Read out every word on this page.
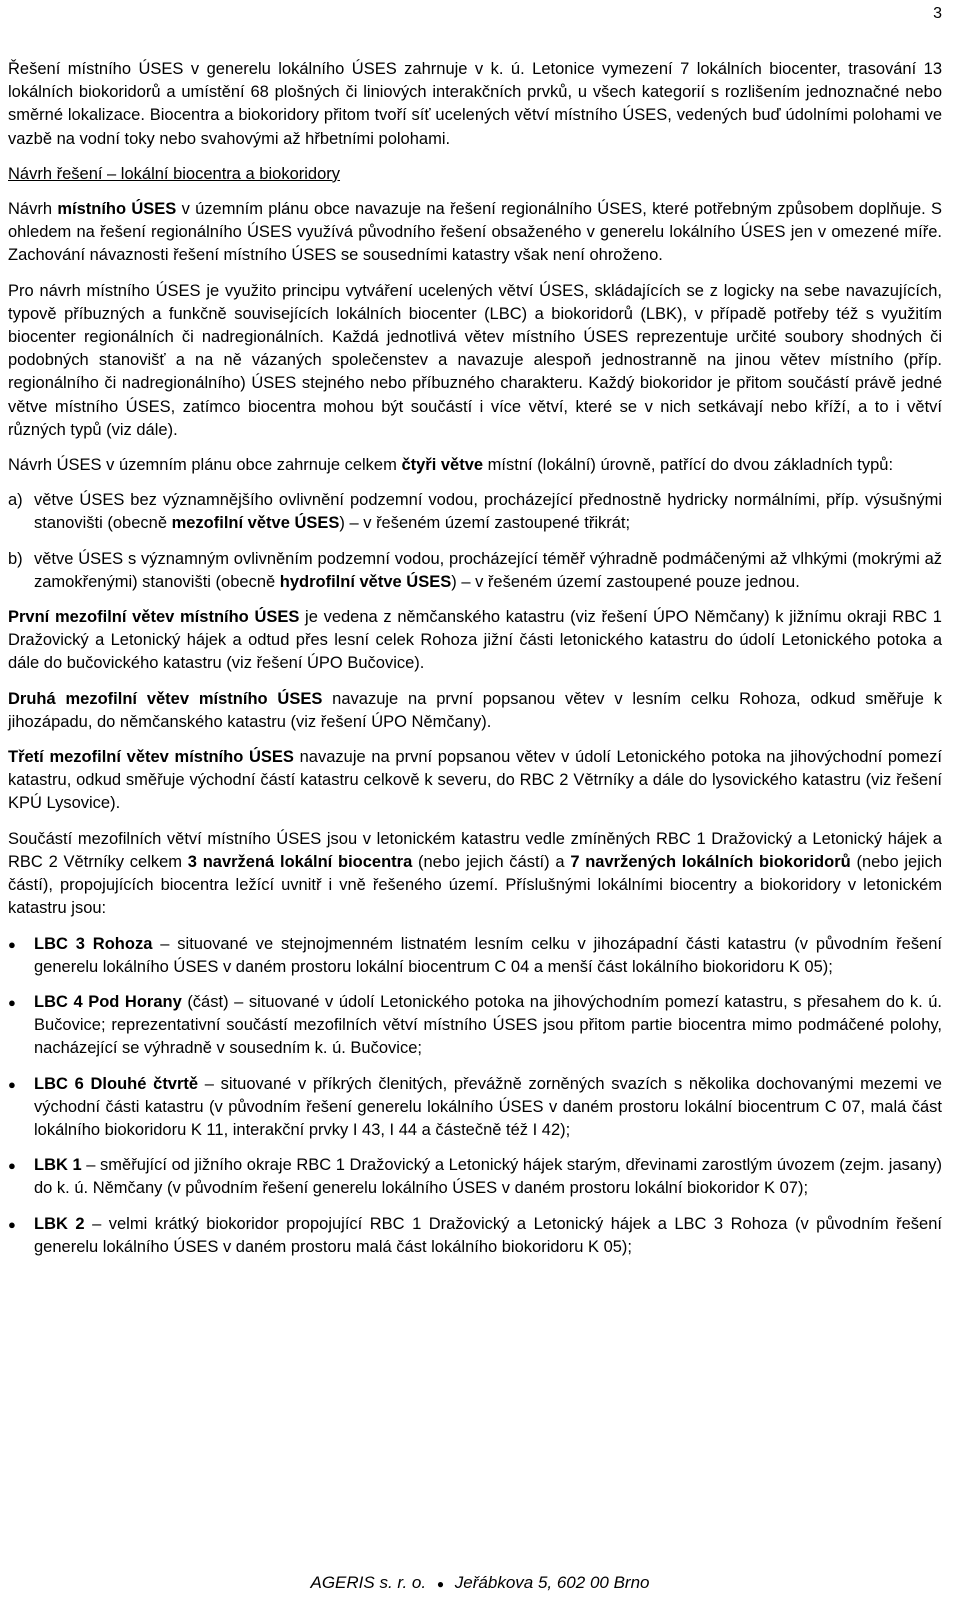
3

Řešení místního ÚSES v generelu lokálního ÚSES zahrnuje v k. ú. Letonice vymezení 7 lokálních biocenter, trasování 13 lokálních biokoridorů a umístění 68 plošných či liniových interakčních prvků, u všech kategorií s rozlišením jednoznačné nebo směrné lokalizace. Biocentra a biokoridory přitom tvoří síť ucelených větví místního ÚSES, vedených buď údolními polohami ve vazbě na vodní toky nebo svahovými až hřbetními polohami.

Návrh řešení – lokální biocentra a biokoridory

Návrh místního ÚSES v územním plánu obce navazuje na řešení regionálního ÚSES, které potřebným způsobem doplňuje. S ohledem na řešení regionálního ÚSES využívá původního řešení obsaženého v generelu lokálního ÚSES jen v omezené míře. Zachování návaznosti řešení místního ÚSES se sousedními katastry však není ohroženo.

Pro návrh místního ÚSES je využito principu vytváření ucelených větví ÚSES, skládajících se z logicky na sebe navazujících, typově příbuzných a funkčně souvisejících lokálních biocenter (LBC) a biokoridorů (LBK), v případě potřeby též s využitím biocenter regionálních či nadregionálních. Každá jednotlivá větev místního ÚSES reprezentuje určité soubory shodných či podobných stanovišť a na ně vázaných společenstev a navazuje alespoň jednostranně na jinou větev místního (příp. regionálního či nadregionálního) ÚSES stejného nebo příbuzného charakteru. Každý biokoridor je přitom součástí právě jedné větve místního ÚSES, zatímco biocentra mohou být součástí i více větví, které se v nich setkávají nebo kříží, a to i větví různých typů (viz dále).

Návrh ÚSES v územním plánu obce zahrnuje celkem čtyři větve místní (lokální) úrovně, patřící do dvou základních typů:

a) větve ÚSES bez významnějšího ovlivnění podzemní vodou, procházející přednostně hydricky normálními, příp. výsušnými stanovišti (obecně mezofilní větve ÚSES) – v řešeném území zastoupené třikrát;
b) větve ÚSES s významným ovlivněním podzemní vodou, procházející téměř výhradně podmáčenými až vlhkými (mokrými až zamokřenými) stanovišti (obecně hydrofilní větve ÚSES) – v řešeném území zastoupené pouze jednou.

První mezofilní větev místního ÚSES je vedena z němčanského katastru (viz řešení ÚPO Němčany) k jižnímu okraji RBC 1 Dražovický a Letonický hájek a odtud přes lesní celek Rohoza jižní části letonického katastru do údolí Letonického potoka a dále do bučovického katastru (viz řešení ÚPO Bučovice).

Druhá mezofilní větev místního ÚSES navazuje na první popsanou větev v lesním celku Rohoza, odkud směřuje k jihozápadu, do němčanského katastru (viz řešení ÚPO Němčany).

Třetí mezofilní větev místního ÚSES navazuje na první popsanou větev v údolí Letonického potoka na jihovýchodní pomezí katastru, odkud směřuje východní částí katastru celkově k severu, do RBC 2 Větrníky a dále do lysovického katastru (viz řešení KPÚ Lysovice).

Součástí mezofilních větví místního ÚSES jsou v letonickém katastru vedle zmíněných RBC 1 Dražovický a Letonický hájek a RBC 2 Větrníky celkem 3 navržená lokální biocentra (nebo jejich částí) a 7 navržených lokálních biokoridorů (nebo jejich částí), propojujících biocentra ležící uvnitř i vně řešeného území. Příslušnými lokálními biocentry a biokoridory v letonickém katastru jsou:

●	LBC 3 Rohoza – situované ve stejnojmenném listnatém lesním celku v jihozápadní části katastru (v původním řešení generelu lokálního ÚSES v daném prostoru lokální biocentrum C 04 a menší část lokálního biokoridoru K 05);
●	LBC 4 Pod Horany (část) – situované v údolí Letonického potoka na jihovýchodním pomezí katastru, s přesahem do k. ú. Bučovice; reprezentativní součástí mezofilních větví místního ÚSES jsou přitom partie biocentra mimo podmáčené polohy, nacházející se výhradně v sousedním k. ú. Bučovice;
●	LBC 6 Dlouhé čtvrtě – situované v příkrých členitých, převážně zorněných svazích s několika dochovanými mezemi ve východní části katastru (v původním řešení generelu lokálního ÚSES v daném prostoru lokální biocentrum C 07, malá část lokálního biokoridoru K 11, interakční prvky I 43, I 44 a částečně též I 42);
●	LBK 1 – směřující od jižního okraje RBC 1 Dražovický a Letonický hájek starým, dřevinami zarostlým úvozem (zejm. jasany) do k. ú. Němčany (v původním řešení generelu lokálního ÚSES v daném prostoru lokální biokoridor K 07);
●	LBK 2 – velmi krátký biokoridor propojující RBC 1 Dražovický a Letonický hájek a LBC 3 Rohoza (v původním řešení generelu lokálního ÚSES v daném prostoru malá část lokálního biokoridoru K 05);
AGERIS s. r. o. ● Jeřábkova 5, 602 00 Brno
